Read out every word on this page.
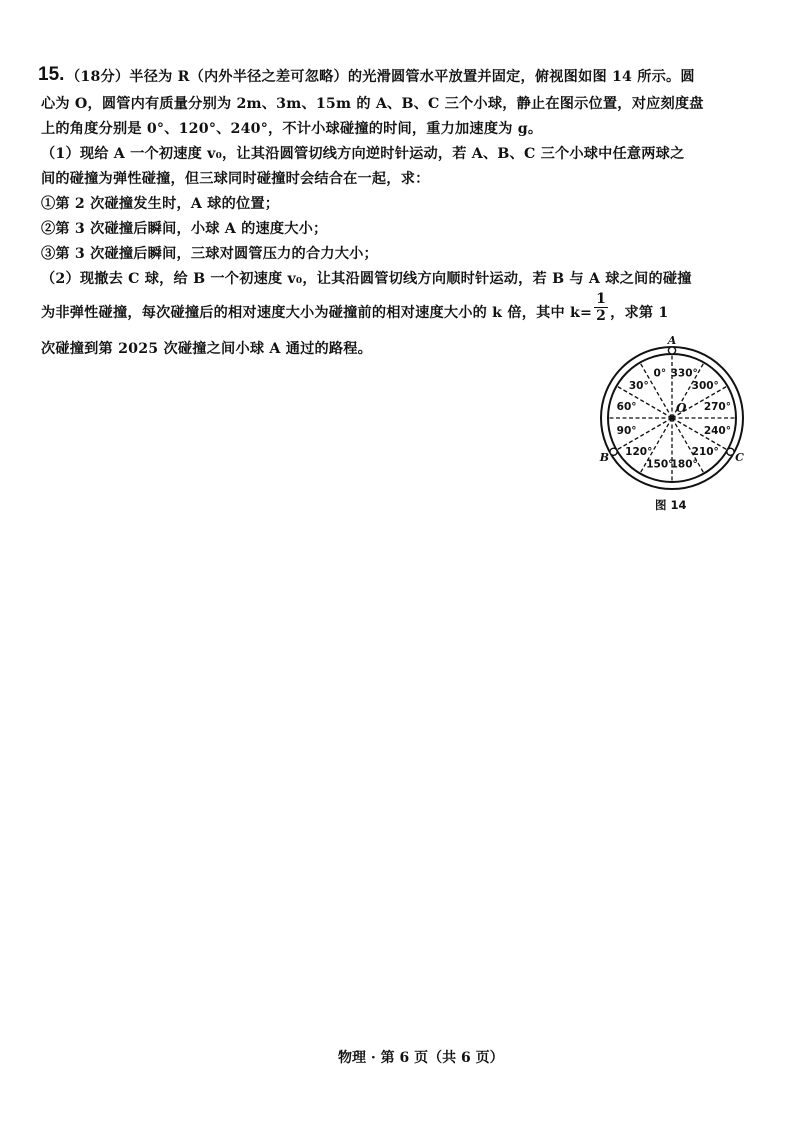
15. （18分）半径为 R（内外半径之差可忽略）的光滑圆管水平放置并固定，俯视图如图 14 所示。圆
心为 O，圆管内有质量分别为 2m、3m、15m 的 A、B、C 三个小球，静止在图示位置，对应刻度盘
上的角度分别是 0°、120°、240°，不计小球碰撞的时间，重力加速度为 g。
（1）现给 A 一个初速度 v₀，让其沿圆管切线方向逆时针运动，若 A、B、C 三个小球中任意两球之
间的碰撞为弹性碰撞，但三球同时碰撞时会结合在一起，求：
①第 2 次碰撞发生时，A 球的位置；
②第 3 次碰撞后瞬间，小球 A 的速度大小；
③第 3 次碰撞后瞬间，三球对圆管压力的合力大小；
（2）现撤去 C 球，给 B 一个初速度 v₀，让其沿圆管切线方向顺时针运动，若 B 与 A 球之间的碰撞
为非弹性碰撞，每次碰撞后的相对速度大小为碰撞前的相对速度大小的 k 倍，其中 $k= \frac{1}{2}$ ，求第 1
次碰撞到第 2025 次碰撞之间小球 A 通过的路程。
0°
30°
60°
90°
120°
150°
180°
210°
240°
270°
300°
330°
O
A
B	C
图 14
物理 · 第 6 页（共 6 页）
